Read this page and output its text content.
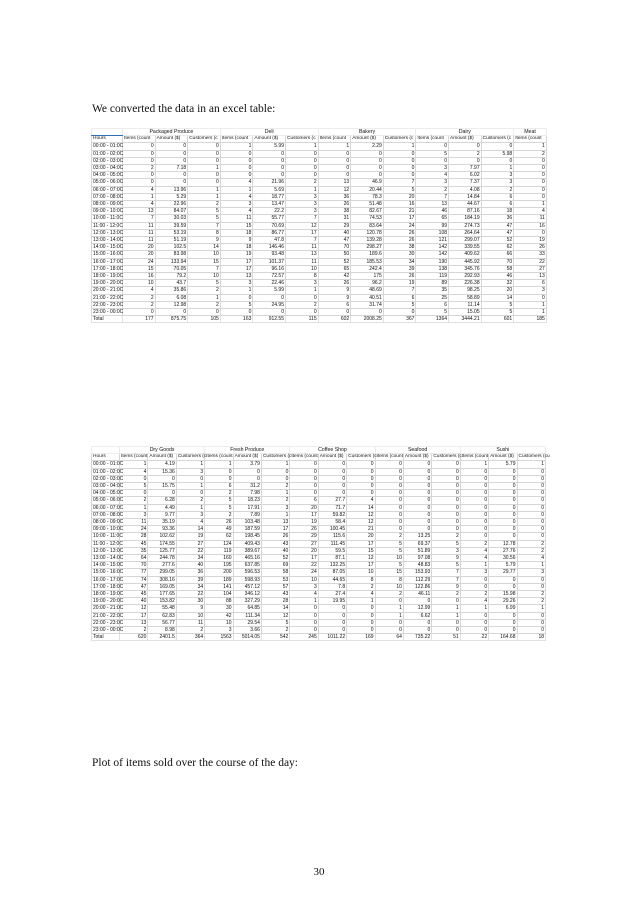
We converted the data in an excel table:
	Packaged Produce			Deli			Bakery			Dairy			Meat
Hours	Items (count	Amount ($)	Customers (c	Items (count	Amount ($)	Customers (c	Items (count	Amount ($)	Customers (c	Items (count	Amount ($)	Customers (c	Items (count
00:00 - 01:0C	0	0	0	1	5.99	1	1	2.29	1	0	0	0	1
01:00 - 02:0C	0	0	0	0	0	0	0	0	0	5	2	5.98	2
02:00 - 03:0C	0	0	0	0	0	0	0	0	0	0	0	0	0
03:00 - 04:0C	2	7.18	1	0	0	0	0	0	0	3	7.97	1	0
04:00 - 05:0C	0	0	0	0	0	0	0	0	0	4	6.02	3	0
05:00 - 06:0C	0	0	0	4	21.96	2	13	46.9	7	3	7.37	3	0
06:00 - 07:0C	4	13.96	1	1	5.69	1	12	20.44	5	2	4.08	2	0
07:00 - 08:0C	1	5.29	1	4	18.77	3	36	78.3	20	7	14.84	6	0
08:00 - 09:0C	4	22.96	2	3	13.47	3	26	51.48	16	13	44.67	6	1
09:00 - 10:0C	13	84.07	5	4	22.2	3	38	82.67	21	46	87.16	18	4
10:00 - 11:0C	7	30.03	5	11	55.77	7	31	74.53	17	65	184.19	36	11
11:00 - 12:0C	11	39.59	7	15	70.69	12	29	83.64	24	99	274.73	47	16
12:00 - 13:0C	11	53.19	8	18	86.77	17	40	120.78	26	108	264.64	47	0
13:00 - 14:0C	11	51.19	9	9	47.8	7	47	139.28	26	121	299.07	52	19
14:00 - 15:0C	20	102.5	14	18	146.46	11	70	298.27	38	142	339.55	62	26
15:00 - 16:0C	20	83.98	10	19	93.48	13	50	189.6	30	142	409.62	66	33
16:00 - 17:0C	24	133.94	15	17	101.37	11	52	185.53	34	190	445.92	70	22
17:00 - 18:0C	15	70.05	7	17	96.16	10	65	242.4	39	138	345.76	58	27
18:00 - 19:0C	16	79.2	10	13	72.57	8	42	175	26	119	292.93	46	13
19:00 - 20:0C	10	43.7	5	3	22.46	3	26	96.2	19	89	226.38	32	6
20:00 - 21:0C	4	35.86	2	1	5.99	1	9	48.69	7	35	98.25	20	3
21:00 - 22:0C	2	6.08	1	0	0	0	9	40.51	6	25	58.89	14	0
22:00 - 23:0C	2	12.98	2	5	24.95	2	6	31.74	5	6	11.14	5	1
23:00 - 00:0C	0	0	0	0	0	0	0	0	0	5	15.05	5	1
Total	177	875.75	105	163	912.55	115	602	2008.25	367	1364	3444.21	601	185
	Dry Goods			Fresh Produce			Coffee Shop			Seafood			Sushi		
Hours	Items (count	Amount ($)	Customers (c	Items (count	Amount ($)	Customers (c	Items (count	Amount ($)	Customers (c	Items (count	Amount ($)	Customers (c	Items (count	Amount ($)	Customers (cu
00:00 - 01:0C	1	4.19	1	1	3.79	1	0	0	0	0	0	0	1	5.79	1
01:00 - 02:0C	4	15.36	3	0	0	0	0	0	0	0	0	0	0	0	0
02:00 - 03:0C	0	0	0	0	0	0	0	0	0	0	0	0	0	0	0
03:00 - 04:0C	5	15.75	1	6	31.2	2	0	0	0	0	0	0	0	0	0
04:00 - 05:0C	0	0	0	2	7.98	1	0	0	0	0	0	0	0	0	0
05:00 - 06:0C	2	6.28	2	5	18.23	2	6	27.7	4	0	0	0	0	0	0
06:00 - 07:0C	1	4.49	1	5	17.91	3	20	71.7	14	0	0	0	0	0	0
07:00 - 08:0C	3	9.77	3	2	7.89	1	17	59.82	12	0	0	0	0	0	0
08:00 - 09:0C	11	35.19	4	26	103.48	13	19	58.4	12	0	0	0	0	0	0
09:00 - 10:0C	24	93.36	14	49	187.59	17	26	100.45	21	0	0	0	0	0	0
10:00 - 11:0C	28	102.62	19	62	198.45	26	29	115.6	20	2	13.25	2	0	0	0
11:00 - 12:0C	45	174.55	27	124	409.43	43	27	111.45	17	5	69.37	5	2	12.78	2
12:00 - 13:0C	35	125.77	22	119	389.67	40	20	59.5	15	5	51.89	3	4	27.76	2
13:00 - 14:0C	64	244.78	34	160	465.16	52	17	87.1	12	10	97.08	9	4	30.56	4
14:00 - 15:0C	70	277.6	40	195	637.85	69	22	132.25	17	5	48.83	5	1	5.79	1
15:00 - 16:0C	77	299.05	36	200	596.53	58	24	87.05	10	15	153.93	7	3	29.77	3
16:00 - 17:0C	74	308.16	39	189	598.93	53	10	44.65	8	8	112.29	7	0	0	0
17:00 - 18:0C	47	169.05	34	141	457.12	57	3	7.8	2	10	122.86	9	0	0	0
18:00 - 19:0C	45	177.65	22	104	346.12	43	4	27.4	4	2	46.11	2	2	15.98	2
19:00 - 20:0C	40	153.82	30	88	327.29	28	1	19.95	1	0	0	0	4	29.26	2
20:00 - 21:0C	12	55.48	9	30	64.85	14	0	0	0	1	12.99	1	1	6.99	1
21:00 - 22:0C	17	62.83	10	42	111.34	12	0	0	0	1	6.62	1	0	0	0
22:00 - 23:0C	13	56.77	11	10	29.54	5	0	0	0	0	0	0	0	0	0
23:00 - 00:0C	2	8.98	2	3	3.66	2	0	0	0	0	0	0	0	0	0
Total	620	2401.5	364	1563	5014.05	542	245	1011.22	169	64	735.22	51	22	164.68	18
Plot of items sold over the course of the day:
30
